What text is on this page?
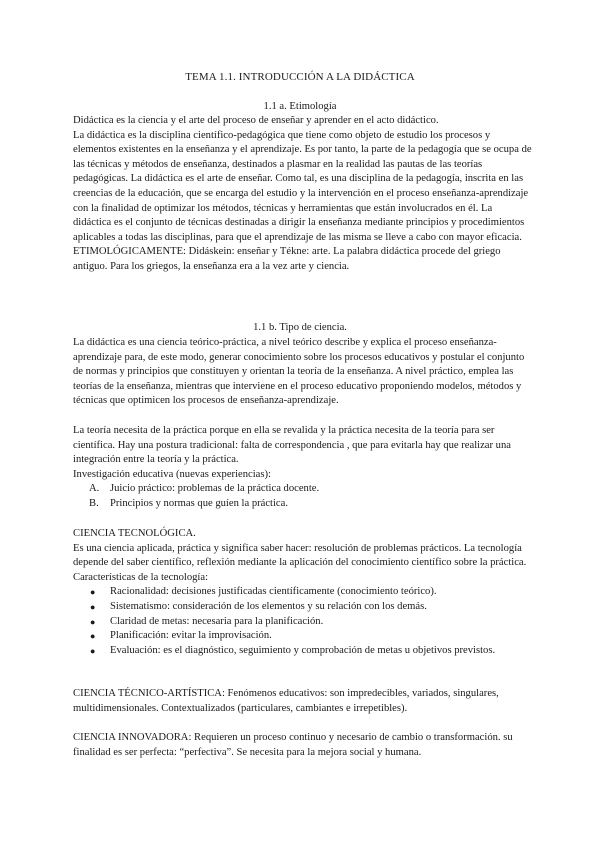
TEMA 1.1. INTRODUCCIÓN A LA DIDÁCTICA
1.1 a. Etimología

Didáctica es la ciencia y el arte del proceso de enseñar y aprender en el acto didáctico.

La didáctica es la disciplina científico-pedagógica que tiene como objeto de estudio los procesos y elementos existentes en la enseñanza y el aprendizaje. Es por tanto, la parte de la pedagogía que se ocupa de las técnicas y métodos de enseñanza, destinados a plasmar en la realidad las pautas de las teorías pedagógicas. La didáctica es el arte de enseñar. Como tal, es una disciplina de la pedagogía, inscrita en las creencias de la educación, que se encarga del estudio y la intervención en el proceso enseñanza-aprendizaje con la finalidad de optimizar los métodos, técnicas y herramientas que están involucrados en él. La didáctica es el conjunto de técnicas destinadas a dirigir la enseñanza mediante principios y procedimientos aplicables a todas las disciplinas, para que el aprendizaje de las misma se lleve a cabo con mayor eficacia.

ETIMOLÓGICAMENTE: Didáskein: enseñar y Tékne: arte. La palabra didáctica procede del griego antiguo. Para los griegos, la enseñanza era a la vez arte y ciencia.

1.1 b. Tipo de ciencia.

La didáctica es una ciencia teórico-práctica, a nivel teórico describe y explica el proceso enseñanza-aprendizaje para, de este modo, generar conocimiento sobre los procesos educativos y postular el conjunto de normas y principios que constituyen y orientan la teoría de la enseñanza. A nivel práctico, emplea las teorías de la enseñanza, mientras que interviene en el proceso educativo proponiendo modelos, métodos y técnicas que optimicen los procesos de enseñanza-aprendizaje.

La teoría necesita de la práctica porque en ella se revalida y la práctica necesita de la teoría para ser científica. Hay una postura tradicional: falta de correspondencia , que para evitarla hay que realizar una integración entre la teoría y la práctica.

Investigación educativa (nuevas experiencias):

A. Juicio práctico: problemas de la práctica docente.
B. Principios y normas que guíen la práctica.

CIENCIA TECNOLÓGICA.

Es una ciencia aplicada, práctica y significa saber hacer: resolución de problemas prácticos. La tecnología depende del saber científico, reflexión mediante la aplicación del conocimiento científico sobre la práctica.

Características de la tecnología:

● Racionalidad: decisiones justificadas científicamente (conocimiento teórico).
● Sistematismo: consideración de los elementos y su relación con los demás.
● Claridad de metas: necesaria para la planificación.
● Planificación: evitar la improvisación.
● Evaluación: es el diagnóstico, seguimiento y comprobación de metas u objetivos previstos.

CIENCIA TÉCNICO-ARTÍSTICA: Fenómenos educativos: son impredecibles, variados, singulares, multidimensionales. Contextualizados (particulares, cambiantes e irrepetibles).

CIENCIA INNOVADORA: Requieren un proceso continuo y necesario de cambio o transformación. su finalidad es ser perfecta: “perfectiva”. Se necesita para la mejora social y humana.
